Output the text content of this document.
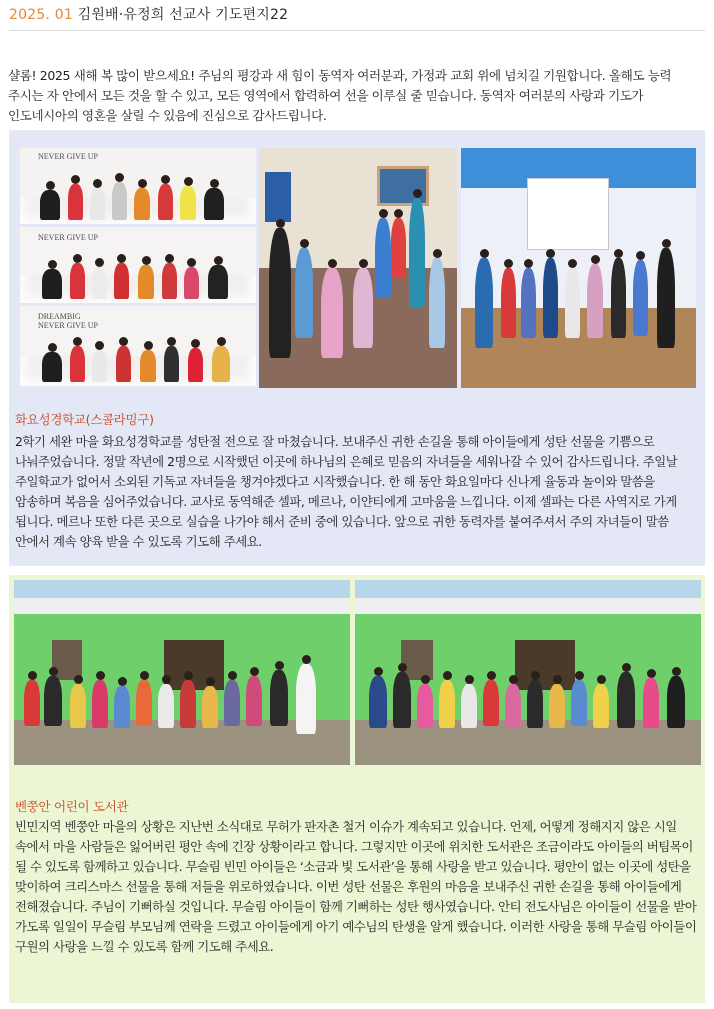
2025. 01 김원배·유정희 선교사 기도편지22
샬롬! 2025 새해 복 많이 받으세요! 주님의 평강과 새 힘이 동역자 여러분과, 가정과 교회 위에 넘치길 기원합니다. 올해도 능력 주시는 자 안에서 모든 것을 할 수 있고, 모든 영역에서 합력하여 선을 이루실 줄 믿습니다. 동역자 여러분의 사랑과 기도가 인도네시아의 영혼을 살릴 수 있음에 진심으로 감사드립니다.
NEVER GIVE UP
NEVER GIVE UP
DREAMBIG
NEVER GIVE UP
화요성경학교(스콜라밍구)
2학기 세완 마을 화요성경학교를 성탄절 전으로 잘 마쳤습니다. 보내주신 귀한 손길을 통해 아이들에게 성탄 선물을 기쁨으로 나눠주었습니다. 정말 작년에 2명으로 시작했던 이곳에 하나님의 은혜로 믿음의 자녀들을 세워나갈 수 있어 감사드립니다. 주일날 주일학교가 없어서 소외된 기독교 자녀들을 챙겨야겠다고 시작했습니다. 한 해 동안 화요일마다 신나게 율동과 놀이와 말씀을 암송하며 복음을 심어주었습니다. 교사로 동역해준 셀파, 메르나, 이얀티에게 고마움을 느낍니다. 이제 셀파는 다른 사역지로 가게 됩니다. 메르나 또한 다른 곳으로 실습을 나가야 해서 준비 중에 있습니다. 앞으로 귀한 동력자를 붙여주셔서 주의 자녀들이 말씀 안에서 계속 양육 받을 수 있도록 기도해 주세요.
벤쭝안 어린이 도서관
빈민지역 벤쭝안 마을의 상황은 지난번 소식대로 무허가 판자촌 철거 이슈가 계속되고 있습니다. 언제, 어떻게 정해지지 않은 시일 속에서 마을 사람들은 잃어버린 평안 속에 긴장 상황이라고 합니다. 그렇지만 이곳에 위치한 도서관은 조금이라도 아이들의 버팀목이 될 수 있도록 함께하고 있습니다. 무슬림 빈민 아이들은 ‘소금과 빛 도서관’을 통해 사랑을 받고 있습니다. 평안이 없는 이곳에 성탄을 맞이하여 크리스마스 선물을 통해 저들을 위로하였습니다. 이번 성탄 선물은 후원의 마음을 보내주신 귀한 손길을 통해 아이들에게 전해졌습니다. 주님이 기뻐하실 것입니다. 무슬림 아이들이 함께 기뻐하는 성탄 행사였습니다. 안티 전도사님은 아이들이 선물을 받아 가도록 일일이 무슬림 부모님께 연락을 드렸고 아이들에게 아기 예수님의 탄생을 알게 했습니다. 이러한 사랑을 통해 무슬림 아이들이 구원의 사랑을 느낄 수 있도록 함께 기도해 주세요.
